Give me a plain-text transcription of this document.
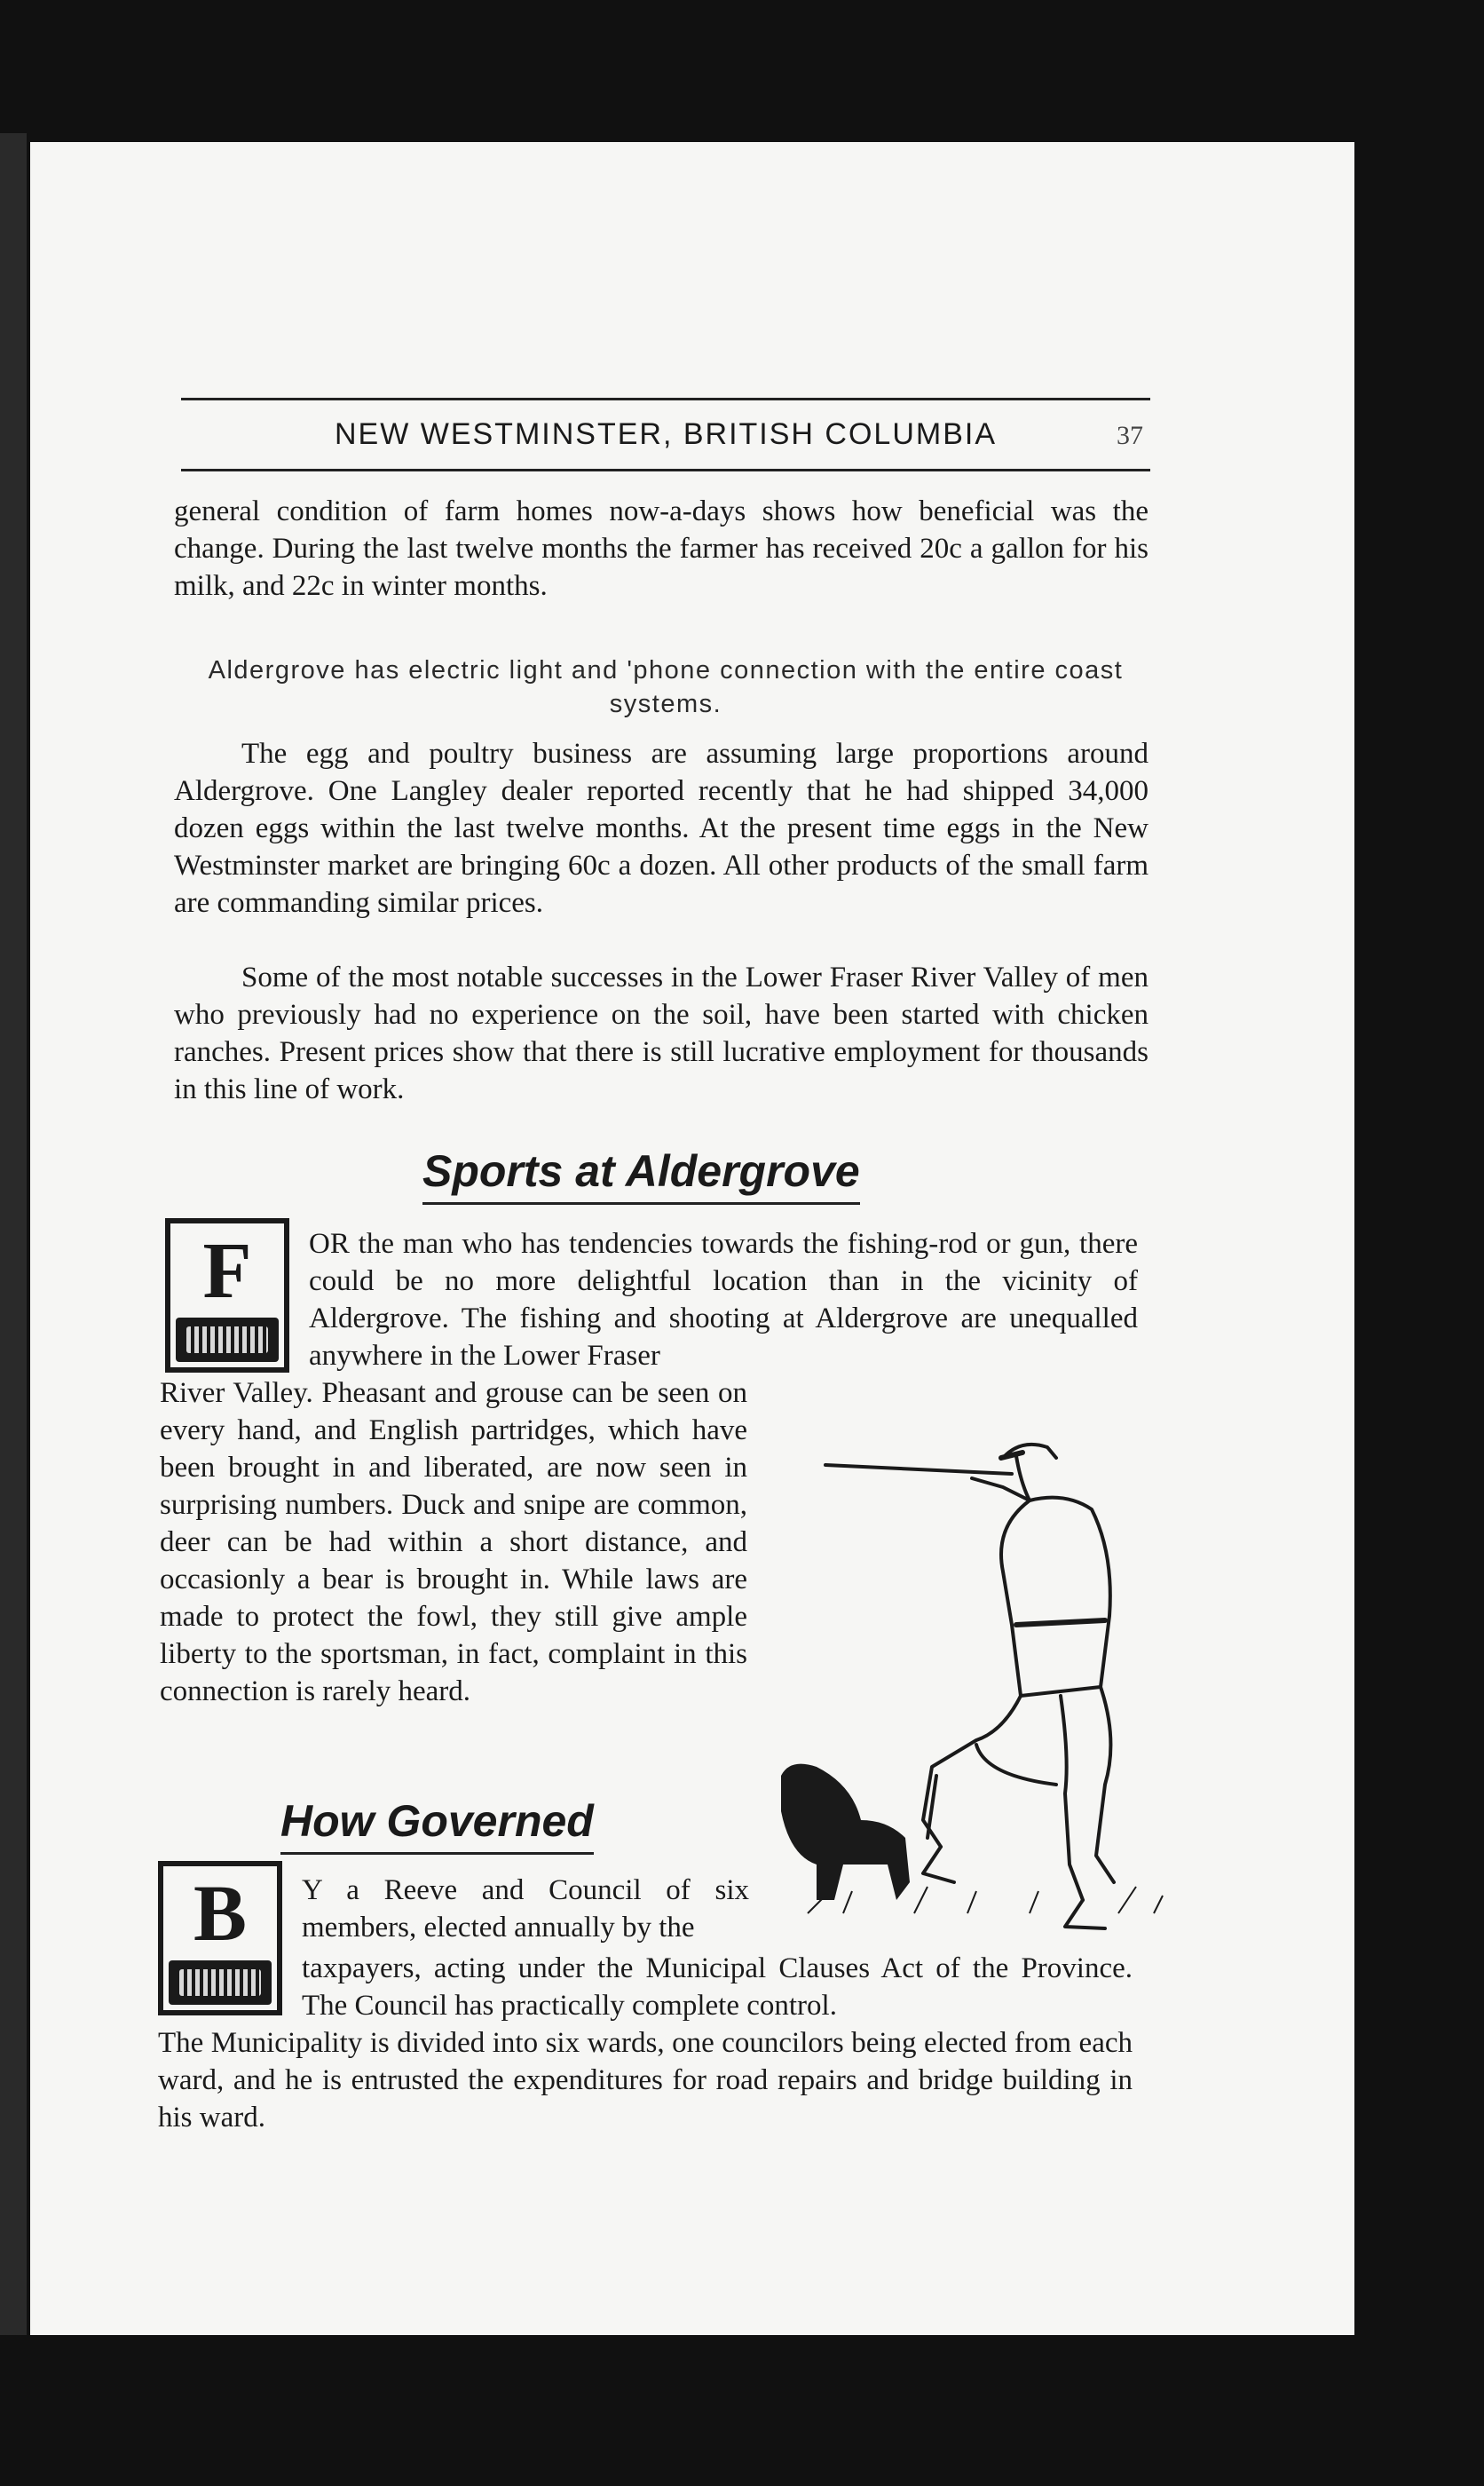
NEW WESTMINSTER, BRITISH COLUMBIA	37

general condition of farm homes now-a-days shows how beneficial was the change. During the last twelve months the farmer has received 20c a gallon for his milk, and 22c in winter months.

Aldergrove has electric light and 'phone connection with the entire coast systems.

The egg and poultry business are assuming large proportions around Aldergrove. One Langley dealer reported recently that he had shipped 34,000 dozen eggs within the last twelve months. At the present time eggs in the New Westminster market are bringing 60c a dozen. All other products of the small farm are commanding similar prices.

Some of the most notable successes in the Lower Fraser River Valley of men who previously had no experience on the soil, have been started with chicken ranches. Present prices show that there is still lucrative employment for thousands in this line of work.

Sports at Aldergrove
F	OR the man who has tendencies towards the fishing-rod or gun, there could be no more delightful location than in the vicinity of Aldergrove. The fishing and shooting at Aldergrove are unequalled anywhere in the Lower Fraser

River Valley. Pheasant and grouse can be seen on every hand, and English partridges, which have been brought in and liberated, are now seen in surprising numbers. Duck and snipe are common, deer can be had within a short distance, and occasionly a bear is brought in. While laws are made to protect the fowl, they still give ample liberty to the sportsman, in fact, complaint in this connection is rarely heard.

How Governed
B	Y a Reeve and Council of six members, elected annually by the

taxpayers, acting under the Municipal Clauses Act of the Province. The Council has practically complete control.

The Municipality is divided into six wards, one councilors being elected from each ward, and he is entrusted the expenditures for road repairs and bridge building in his ward.
